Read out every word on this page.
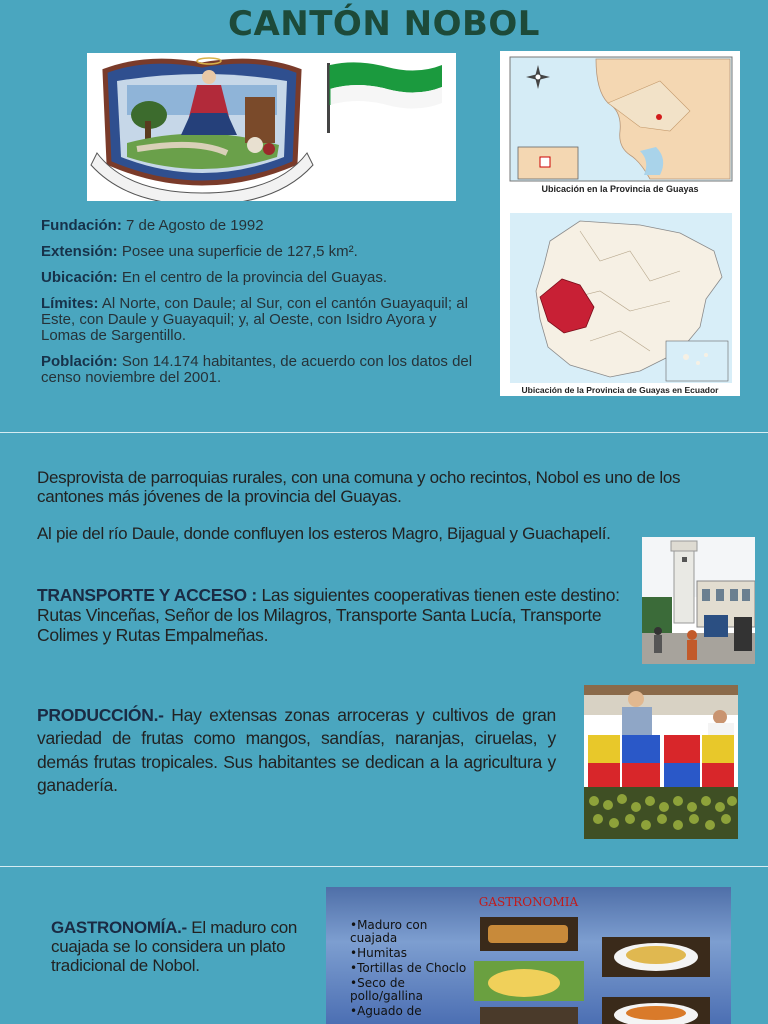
CANTÓN NOBOL

Fundación: 7 de Agosto de 1992

Extensión: Posee una superficie de 127,5 km².

Ubicación: En el centro de la provincia del Guayas.

Límites: Al Norte, con Daule; al Sur, con el cantón Guayaquil; al Este, con Daule y Guayaquil; y, al Oeste, con Isidro Ayora y Lomas de Sargentillo.

Población: Son 14.174 habitantes, de acuerdo con los datos del censo noviembre del 2001.

Ubicación en la Provincia de Guayas
Ubicación de la Provincia de Guayas en Ecuador
Desprovista de parroquias rurales, con una comuna y ocho recintos, Nobol es uno de los cantones más jóvenes de la provincia del Guayas.
Al pie del río Daule, donde confluyen los esteros Magro, Bijagual y Guachapelí.
TRANSPORTE Y ACCESO : Las siguientes cooperativas tienen este destino: Rutas Vinceñas, Señor de los Milagros, Transporte Santa Lucía, Transporte Colimes y Rutas Empalmeñas.
PRODUCCIÓN.- Hay extensas zonas arroceras y cultivos de gran variedad de frutas como mangos, sandías, naranjas, ciruelas, y demás frutas tropicales. Sus habitantes se dedican a la agricultura y ganadería.
GASTRONOMÍA.- El maduro con cuajada se lo considera un plato tradicional de Nobol.
GASTRONOMIA
•Maduro con cuajada
•Humitas
•Tortillas de Choclo
•Seco de pollo/gallina
•Aguado de
